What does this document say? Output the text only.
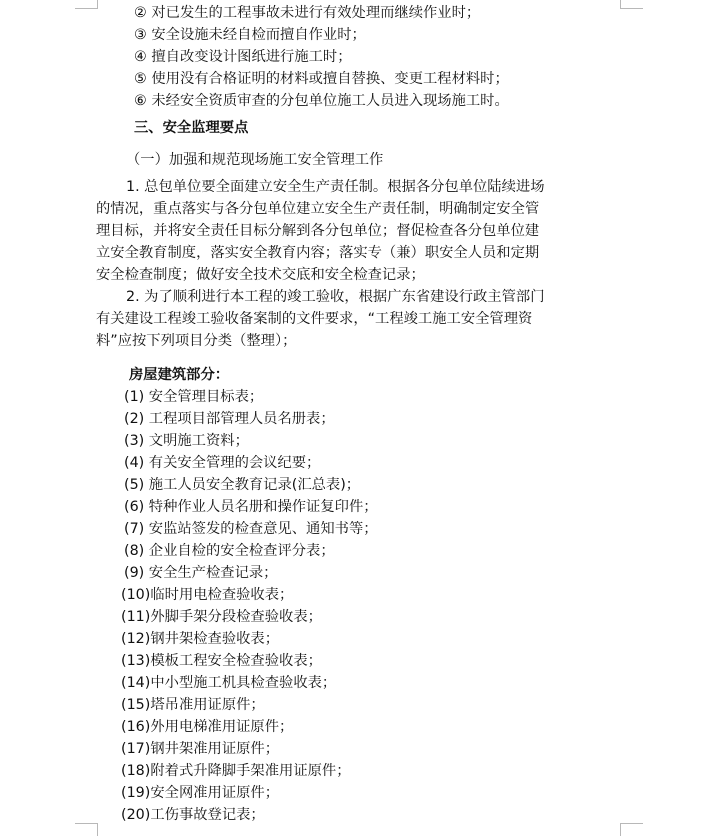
② 对已发生的工程事故未进行有效处理而继续作业时；
③ 安全设施未经自检而擅自作业时；
④ 擅自改变设计图纸进行施工时；
⑤ 使用没有合格证明的材料或擅自替换、变更工程材料时；
⑥ 未经安全资质审查的分包单位施工人员进入现场施工时。
三、安全监理要点
（一）加强和规范现场施工安全管理工作
1. 总包单位要全面建立安全生产责任制。根据各分包单位陆续进场
的情况，重点落实与各分包单位建立安全生产责任制，明确制定安全管
理目标，并将安全责任目标分解到各分包单位；督促检查各分包单位建
立安全教育制度，落实安全教育内容；落实专（兼）职安全人员和定期
安全检查制度；做好安全技术交底和安全检查记录；
2. 为了顺利进行本工程的竣工验收，根据广东省建设行政主管部门
有关建设工程竣工验收备案制的文件要求，“工程竣工施工安全管理资
料”应按下列项目分类（整理）；
房屋建筑部分：
(1) 安全管理目标表；
(2) 工程项目部管理人员名册表；
(3) 文明施工资料；
(4) 有关安全管理的会议纪要；
(5) 施工人员安全教育记录(汇总表)；
(6) 特种作业人员名册和操作证复印件；
(7) 安监站签发的检查意见、通知书等；
(8) 企业自检的安全检查评分表；
(9) 安全生产检查记录；
(10)临时用电检查验收表；
(11)外脚手架分段检查验收表；
(12)钢井架检查验收表；
(13)模板工程安全检查验收表；
(14)中小型施工机具检查验收表；
(15)塔吊准用证原件；
(16)外用电梯准用证原件；
(17)钢井架准用证原件；
(18)附着式升降脚手架准用证原件；
(19)安全网准用证原件；
(20)工伤事故登记表；
